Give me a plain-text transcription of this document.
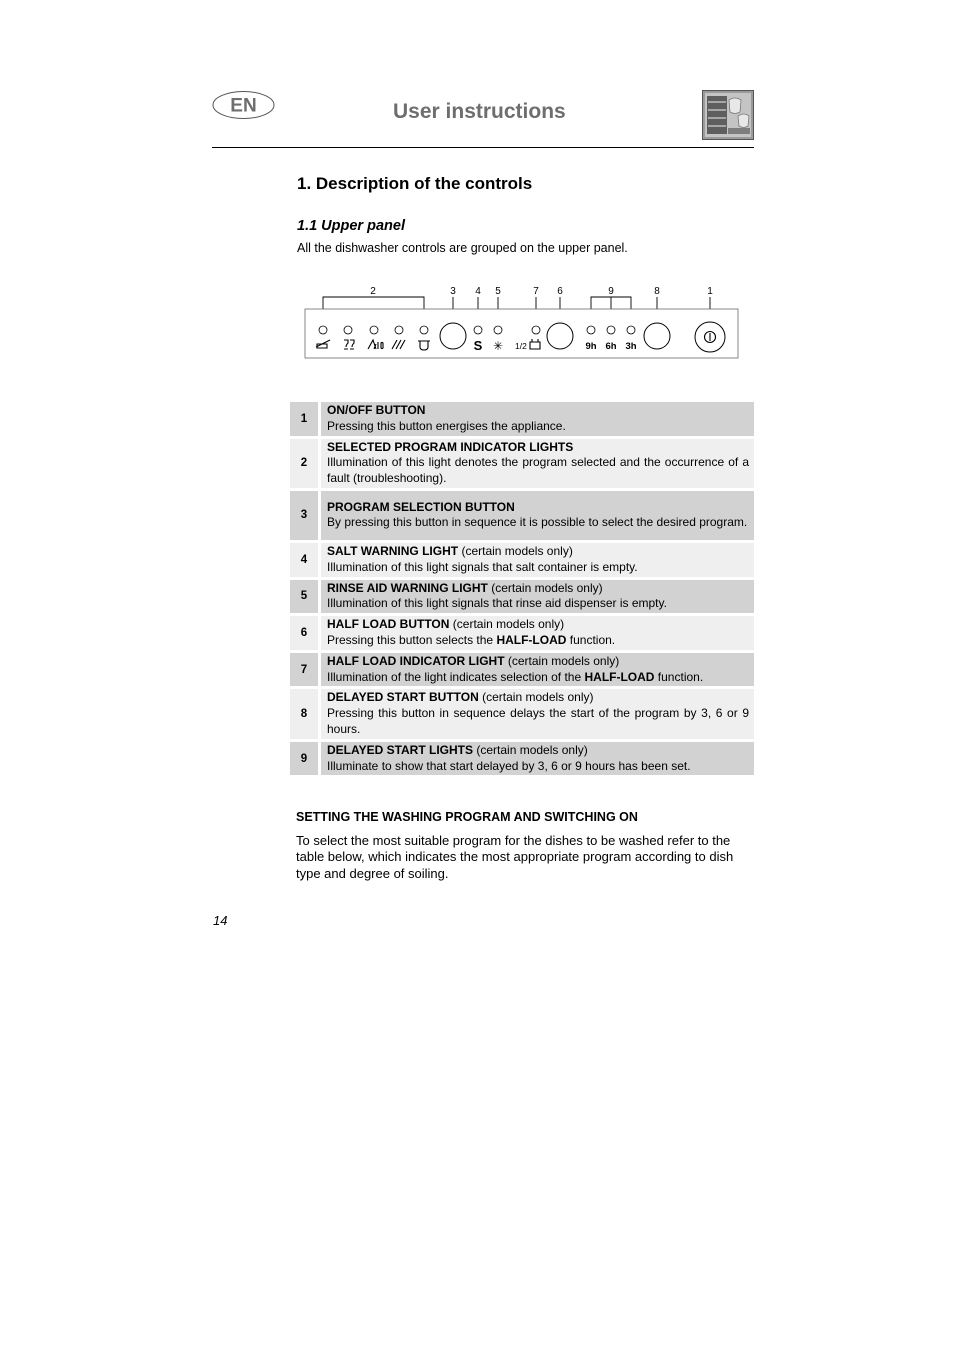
EN	User instructions
1. Description of the controls
1.1 Upper panel
All the dishwasher controls are grouped on the upper panel.
2	3 4 5	7 6	9	8	1
S ✳ 1/2	9h 6h 3h
1	ON/OFF BUTTON
Pressing this button energises the appliance.
2	SELECTED PROGRAM INDICATOR LIGHTS
Illumination of this light denotes the program selected and the occurrence of a fault (troubleshooting).
3	PROGRAM SELECTION BUTTON
By pressing this button in sequence it is possible to select the desired program.
4	SALT WARNING LIGHT (certain models only)
Illumination of this light signals that salt container is empty.
5	RINSE AID WARNING LIGHT (certain models only)
Illumination of this light signals that rinse aid dispenser is empty.
6	HALF LOAD BUTTON (certain models only)
Pressing this button selects the HALF-LOAD function.
7	HALF LOAD INDICATOR LIGHT (certain models only)
Illumination of the light indicates selection of the HALF-LOAD function.
8	DELAYED START BUTTON (certain models only)
Pressing this button in sequence delays the start of the program by 3, 6 or 9 hours.
9	DELAYED START LIGHTS (certain models only)
Illuminate to show that start delayed by 3, 6 or 9 hours has been set.
SETTING THE WASHING PROGRAM AND SWITCHING ON
To select the most suitable program for the dishes to be washed refer to the table below, which indicates the most appropriate program according to dish type and degree of soiling.
14
